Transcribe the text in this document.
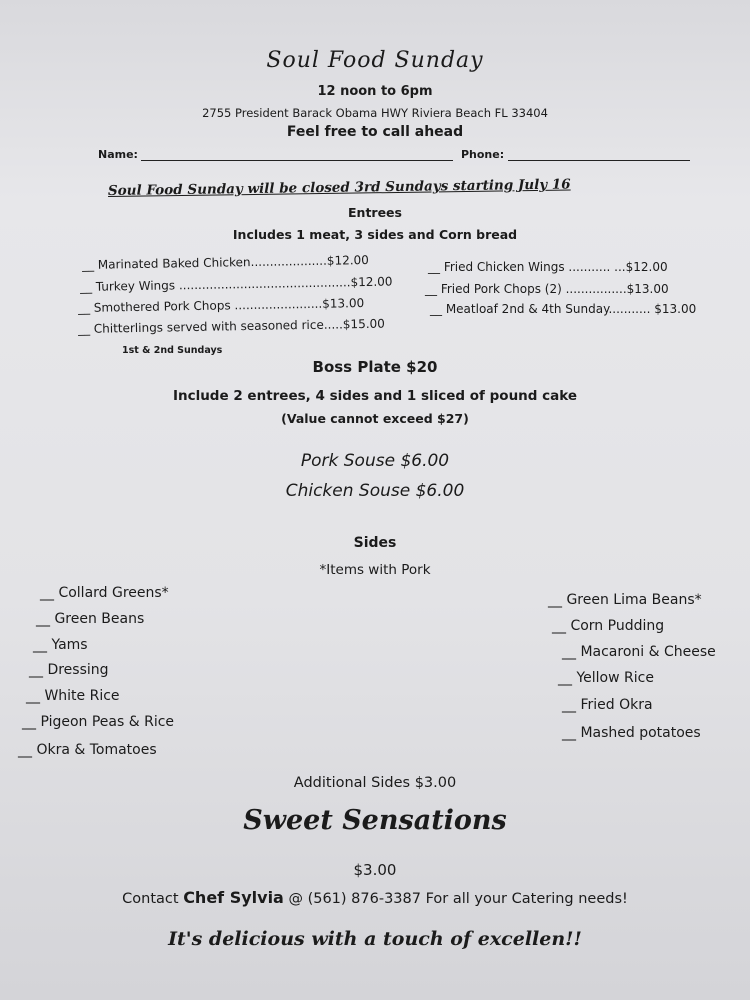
Soul Food Sunday
12 noon to 6pm
2755 President Barack Obama HWY Riviera Beach FL 33404
Feel free to call ahead
Name:	Phone:
Soul Food Sunday will be closed 3rd Sundays starting July 16
Entrees
Includes 1 meat, 3 sides and Corn bread
__ Marinated Baked Chicken....................$12.00
__ Turkey Wings .............................................$12.00
__ Smothered Pork Chops .......................$13.00
__ Chitterlings served with seasoned rice.....$15.00
1st & 2nd Sundays
__ Fried Chicken Wings ........... ...$12.00
__ Fried Pork Chops (2) ................$13.00
__ Meatloaf 2nd & 4th Sunday........... $13.00
Boss Plate $20
Include 2 entrees, 4 sides and 1 sliced of pound cake
(Value cannot exceed $27)
Pork Souse $6.00
Chicken Souse $6.00
Sides
*Items with Pork
__ Collard Greens*
__ Green Beans
__ Yams
__ Dressing
__ White Rice
__ Pigeon Peas & Rice
__ Okra & Tomatoes
__ Green Lima Beans*
__ Corn Pudding
__ Macaroni & Cheese
__ Yellow Rice
__ Fried Okra
__ Mashed potatoes
Additional Sides $3.00
Sweet Sensations
$3.00
Contact Chef Sylvia @ (561) 876-3387 For all your Catering needs!
It's delicious with a touch of excellen!!
